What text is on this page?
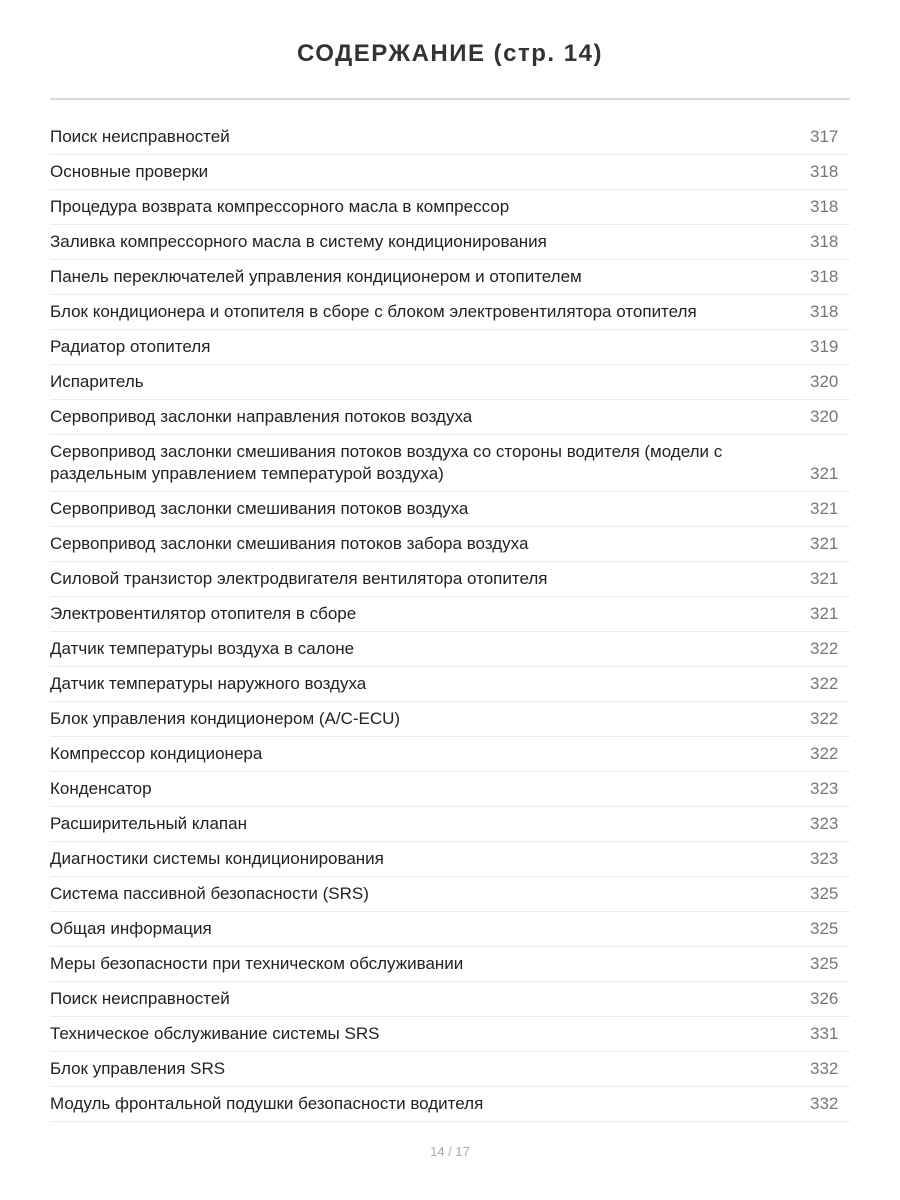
СОДЕРЖАНИЕ (стр. 14)
Поиск неисправностей	317
Основные проверки	318
Процедура возврата компрессорного масла в компрессор	318
Заливка компрессорного масла в систему кондиционирования	318
Панель переключателей управления кондиционером и отопителем	318
Блок кондиционера и отопителя в сборе с блоком электровентилятора отопителя	318
Радиатор отопителя	319
Испаритель	320
Сервопривод заслонки направления потоков воздуха	320
Сервопривод заслонки смешивания потоков воздуха со стороны водителя (модели с раздельным управлением температурой воздуха)	321
Сервопривод заслонки смешивания потоков воздуха	321
Сервопривод заслонки смешивания потоков забора воздуха	321
Силовой транзистор электродвигателя вентилятора отопителя	321
Электровентилятор отопителя в сборе	321
Датчик температуры воздуха в салоне	322
Датчик температуры наружного воздуха	322
Блок управления кондиционером (A/C-ECU)	322
Компрессор кондиционера	322
Конденсатор	323
Расширительный клапан	323
Диагностики системы кондиционирования	323
Система пассивной безопасности (SRS)	325
Общая информация	325
Меры безопасности при техническом обслуживании	325
Поиск неисправностей	326
Техническое обслуживание системы SRS	331
Блок управления SRS	332
Модуль фронтальной подушки безопасности водителя	332
14 / 17
